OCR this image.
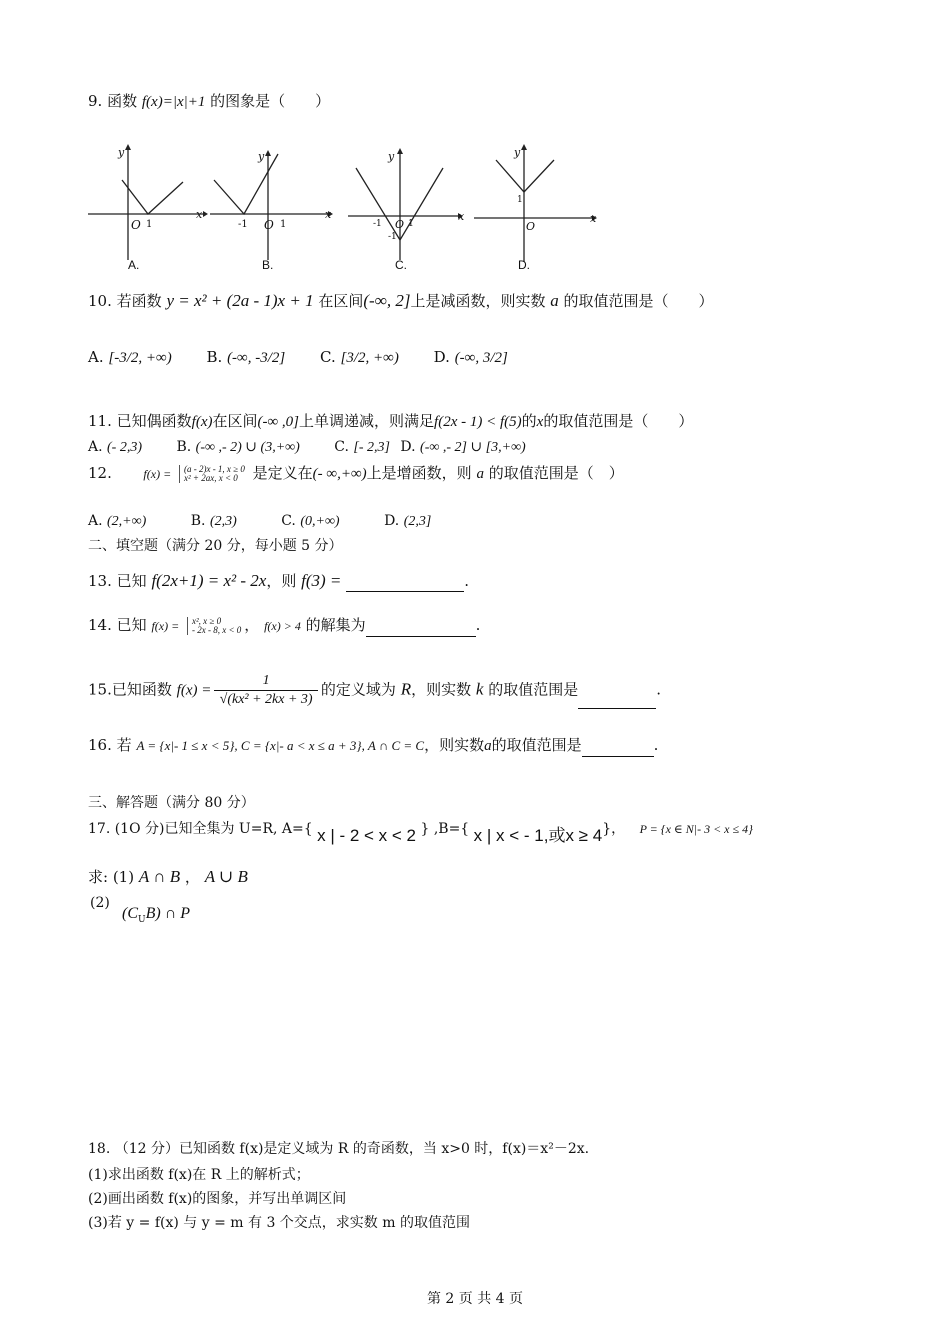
9. 函数 f(x)=|x|+1 的图象是（　　）
y
x
O 1
A.
y
x
-1 O 1
B.
y
x
-1 O 1
-1
C.
y
x
1
O
D.
10. 若函数 y = x² + (2a - 1)x + 1 在区间(-∞, 2]上是减函数，则实数 a 的取值范围是（　　）
A. [-3/2, +∞) B. (-∞, -3/2] C. [3/2, +∞) D. (-∞, 3/2]
11. 已知偶函数f(x)在区间(-∞ ,0]上单调递减，则满足f(2x - 1) < f(5)的x的取值范围是（　　）
A. (- 2,3) B. (-∞ ,- 2) ∪ (3,+∞) C. [- 2,3] D. (-∞ ,- 2] ∪ [3,+∞)
12.	f(x) = (a - 2)x - 1, x ≥ 0
x² + 2ax, x < 0 是定义在(- ∞,+∞)上是增函数，则 a 的取值范围是（　）
A. (2,+∞)	B. (2,3)	C. (0,+∞)	D. (2,3]
二、填空题（满分 20 分，每小题 5 分）
13. 已知 f(2x+1) = x² - 2x，则 f(3) =	.
14. 已知 f(x) = x², x ≥ 0
- 2x - 8, x < 0 ， f(x) > 4 的解集为	.
15.已知函数 $f(x) = \frac{1}{\text{√(kx² + 2kx + 3)}}$ 的定义域为 R，则实数 k 的取值范围是	.
16. 若 A = {x|- 1 ≤ x < 5}, C = {x|- a < x ≤ a + 3}, A ∩ C = C，则实数a的取值范围是	.
三、解答题（满分 80 分）
17. (1O 分)已知全集为 U=R, A={ x | - 2 < x < 2 } ,B={ x | x < - 1,或x ≥ 4}， P = {x ∈ N|- 3 < x ≤ 4}
求: (1) A ∩ B ， A ∪ B
(2)
$(C_UB)$ ∩ P
18. （12 分）已知函数 f(x)是定义域为 R 的奇函数，当 x>0 时，f(x)＝x²－2x.
(1)求出函数 f(x)在 R 上的解析式；
(2)画出函数 f(x)的图象，并写出单调区间
(3)若 y = f(x) 与 y = m 有 3 个交点，求实数 m 的取值范围
第 2 页 共 4 页
